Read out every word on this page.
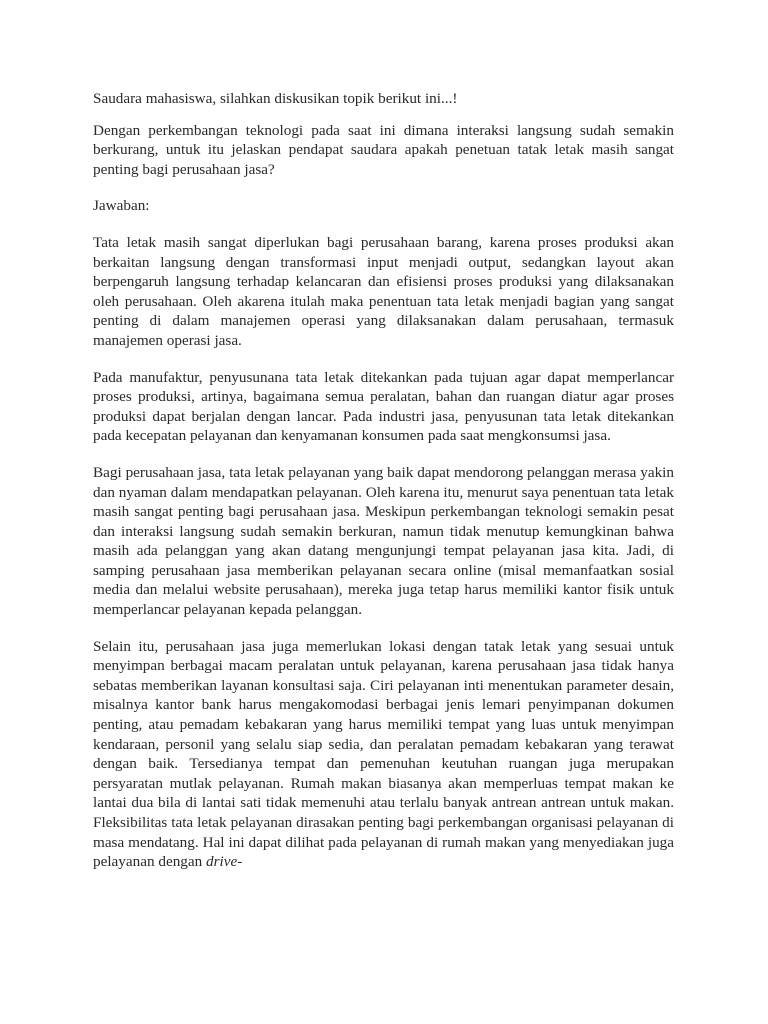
Saudara mahasiswa, silahkan diskusikan topik berikut ini...!

Dengan perkembangan teknologi pada saat ini dimana interaksi langsung sudah semakin berkurang, untuk itu jelaskan pendapat saudara apakah penetuan tatak letak masih sangat penting bagi perusahaan jasa?

Jawaban:

Tata letak masih sangat diperlukan bagi perusahaan barang, karena proses produksi akan berkaitan langsung dengan transformasi input menjadi output, sedangkan layout akan berpengaruh langsung terhadap kelancaran dan efisiensi proses produksi yang dilaksanakan oleh perusahaan. Oleh akarena itulah maka penentuan tata letak menjadi bagian yang sangat penting di dalam manajemen operasi yang dilaksanakan dalam perusahaan, termasuk manajemen operasi jasa.

Pada manufaktur, penyusunana tata letak ditekankan pada tujuan agar dapat memperlancar proses produksi, artinya, bagaimana semua peralatan, bahan dan ruangan diatur agar proses produksi dapat berjalan dengan lancar. Pada industri jasa, penyusunan tata letak ditekankan pada kecepatan pelayanan dan kenyamanan konsumen pada saat mengkonsumsi jasa.

Bagi perusahaan jasa, tata letak pelayanan yang baik dapat mendorong pelanggan merasa yakin dan nyaman dalam mendapatkan pelayanan. Oleh karena itu, menurut saya penentuan tata letak masih sangat penting bagi perusahaan jasa. Meskipun perkembangan teknologi semakin pesat dan interaksi langsung sudah semakin berkuran, namun tidak menutup kemungkinan bahwa masih ada pelanggan yang akan datang mengunjungi tempat pelayanan jasa kita. Jadi, di samping perusahaan jasa memberikan pelayanan secara online (misal memanfaatkan sosial media dan melalui website perusahaan), mereka juga tetap harus memiliki kantor fisik untuk memperlancar pelayanan kepada pelanggan.

Selain itu, perusahaan jasa juga memerlukan lokasi dengan tatak letak yang sesuai untuk menyimpan berbagai macam peralatan untuk pelayanan, karena perusahaan jasa tidak hanya sebatas memberikan layanan konsultasi saja. Ciri pelayanan inti menentukan parameter desain, misalnya kantor bank harus mengakomodasi berbagai jenis lemari penyimpanan dokumen penting, atau pemadam kebakaran yang harus memiliki tempat yang luas untuk menyimpan kendaraan, personil yang selalu siap sedia, dan peralatan pemadam kebakaran yang terawat dengan baik. Tersedianya tempat dan pemenuhan keutuhan ruangan juga merupakan persyaratan mutlak pelayanan. Rumah makan biasanya akan memperluas tempat makan ke lantai dua bila di lantai sati tidak memenuhi atau terlalu banyak antrean antrean untuk makan. Fleksibilitas tata letak pelayanan dirasakan penting bagi perkembangan organisasi pelayanan di masa mendatang. Hal ini dapat dilihat pada pelayanan di rumah makan yang menyediakan juga pelayanan dengan drive-
